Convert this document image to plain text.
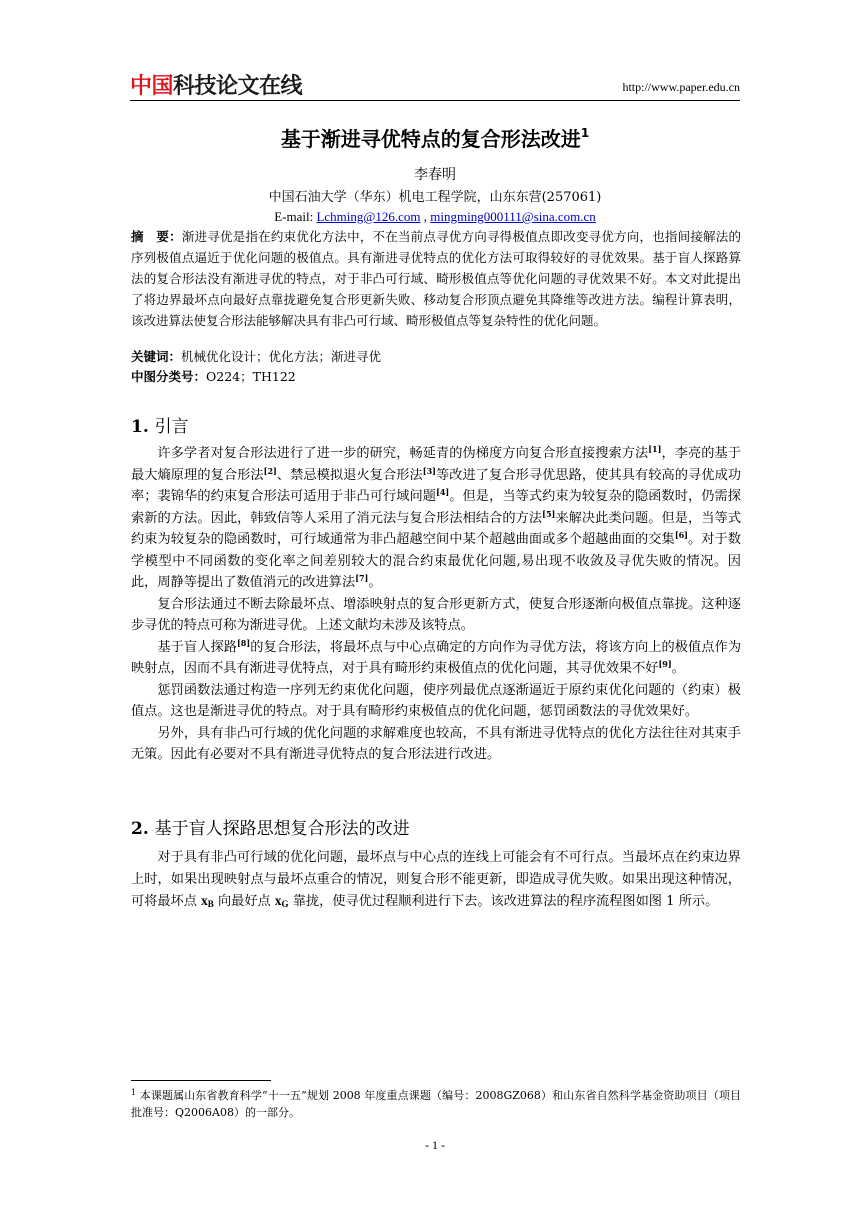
中国科技论文在线	http://www.paper.edu.cn
基于渐进寻优特点的复合形法改进$^1$
李春明
中国石油大学（华东）机电工程学院，山东东营(257061)
E-mail: Lchming@126.com , mingming000111@sina.com.cn
摘　要：渐进寻优是指在约束优化方法中，不在当前点寻优方向寻得极值点即改变寻优方向，也指间接解法的序列极值点逼近于优化问题的极值点。具有渐进寻优特点的优化方法可取得较好的寻优效果。基于盲人探路算法的复合形法没有渐进寻优的特点，对于非凸可行域、畸形极值点等优化问题的寻优效果不好。本文对此提出了将边界最坏点向最好点靠拢避免复合形更新失败、移动复合形顶点避免其降维等改进方法。编程计算表明，该改进算法使复合形法能够解决具有非凸可行域、畸形极值点等复杂特性的优化问题。
关键词：机械优化设计；优化方法；渐进寻优
中图分类号：O224；TH122
1. 引言

许多学者对复合形法进行了进一步的研究，畅延青的伪梯度方向复合形直接搜索方法[1]，李亮的基于最大熵原理的复合形法[2]、禁忌模拟退火复合形法[3]等改进了复合形寻优思路，使其具有较高的寻优成功率；裴锦华的约束复合形法可适用于非凸可行域问题[4]。但是，当等式约束为较复杂的隐函数时，仍需探索新的方法。因此，韩致信等人采用了消元法与复合形法相结合的方法[5]来解决此类问题。但是，当等式约束为较复杂的隐函数时，可行域通常为非凸超越空间中某个超越曲面或多个超越曲面的交集[6]。对于数学模型中不同函数的变化率之间差别较大的混合约束最优化问题,易出现不收敛及寻优失败的情况。因此，周静等提出了数值消元的改进算法[7]。

复合形法通过不断去除最坏点、增添映射点的复合形更新方式，使复合形逐渐向极值点靠拢。这种逐步寻优的特点可称为渐进寻优。上述文献均未涉及该特点。

基于盲人探路[8]的复合形法，将最坏点与中心点确定的方向作为寻优方法，将该方向上的极值点作为映射点，因而不具有渐进寻优特点，对于具有畸形约束极值点的优化问题，其寻优效果不好[9]。

惩罚函数法通过构造一序列无约束优化问题，使序列最优点逐渐逼近于原约束优化问题的（约束）极值点。这也是渐进寻优的特点。对于具有畸形约束极值点的优化问题，惩罚函数法的寻优效果好。

另外，具有非凸可行域的优化问题的求解难度也较高，不具有渐进寻优特点的优化方法往往对其束手无策。因此有必要对不具有渐进寻优特点的复合形法进行改进。

2. 基于盲人探路思想复合形法的改进

对于具有非凸可行域的优化问题，最坏点与中心点的连线上可能会有不可行点。当最坏点在约束边界上时，如果出现映射点与最坏点重合的情况，则复合形不能更新，即造成寻优失败。如果出现这种情况，可将最坏点 $x_B$ 向最好点 $x_G$ 靠拢，使寻优过程顺利进行下去。该改进算法的程序流程图如图 1 所示。

$^1$ 本课题属山东省教育科学“十一五”规划 2008 年度重点课题（编号：2008GZ068）和山东省自然科学基金资助项目（项目批准号：Q2006A08）的一部分。
- 1 -
